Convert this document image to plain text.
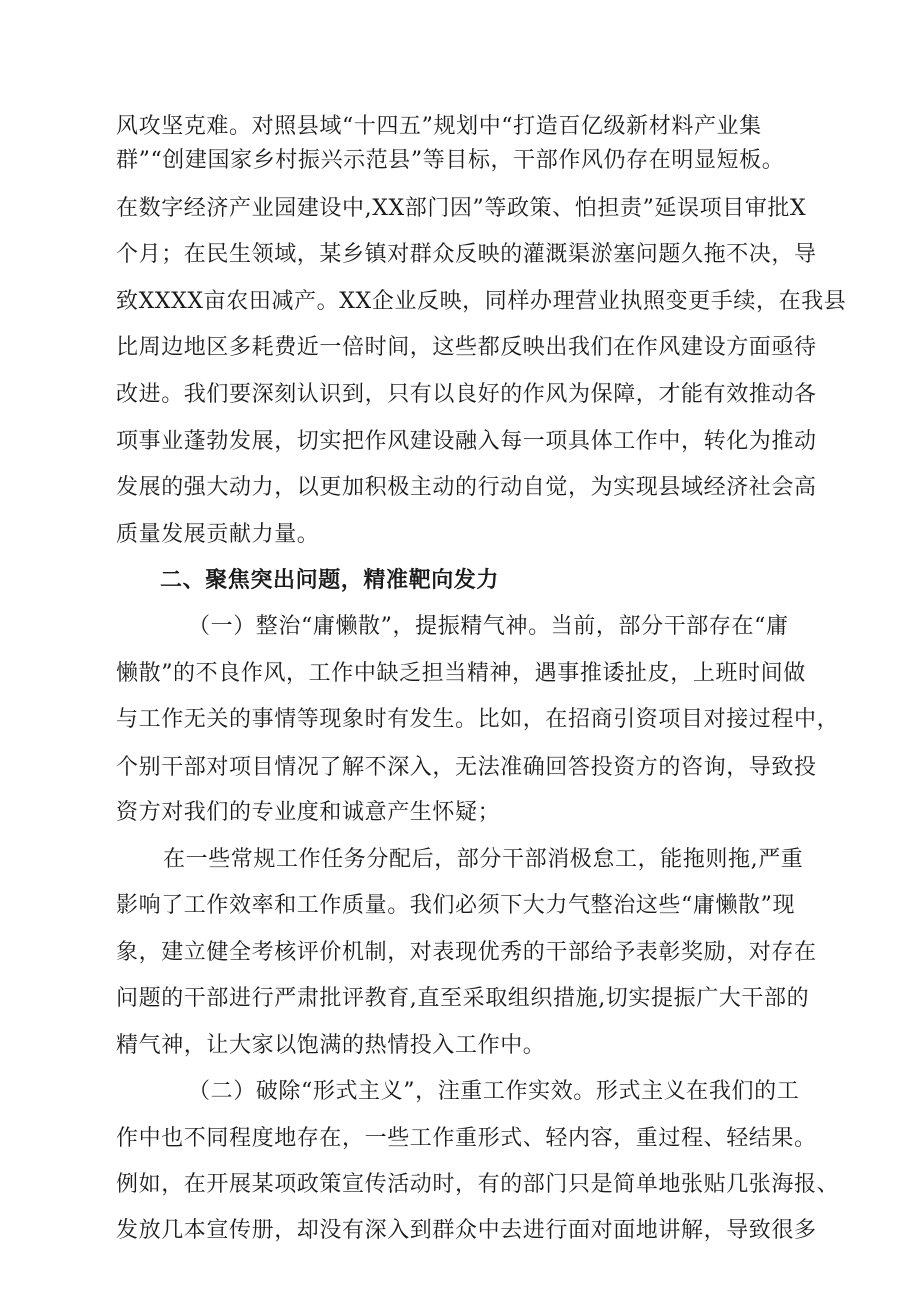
风攻坚克难。对照县域“十四五”规划中“打造百亿级新材料产业集
群”“创建国家乡村振兴示范县”等目标，干部作风仍存在明显短板。
在数字经济产业园建设中,XX部门因”等政策、怕担责”延误项目审批X
个月；在民生领域，某乡镇对群众反映的灌溉渠淤塞问题久拖不决，导
致XXXX亩农田减产。XX企业反映，同样办理营业执照变更手续，在我县
比周边地区多耗费近一倍时间，这些都反映出我们在作风建设方面亟待
改进。我们要深刻认识到，只有以良好的作风为保障，才能有效推动各
项事业蓬勃发展，切实把作风建设融入每一项具体工作中，转化为推动
发展的强大动力，以更加积极主动的行动自觉，为实现县域经济社会高
质量发展贡献力量。
二、聚焦突出问题，精准靶向发力
（一）整治“庸懒散”，提振精气神。当前，部分干部存在“庸
懒散”的不良作风，工作中缺乏担当精神，遇事推诿扯皮，上班时间做
与工作无关的事情等现象时有发生。比如，在招商引资项目对接过程中，
个别干部对项目情况了解不深入，无法准确回答投资方的咨询，导致投
资方对我们的专业度和诚意产生怀疑；
在一些常规工作任务分配后，部分干部消极怠工，能拖则拖,严重
影响了工作效率和工作质量。我们必须下大力气整治这些“庸懒散”现
象，建立健全考核评价机制，对表现优秀的干部给予表彰奖励，对存在
问题的干部进行严肃批评教育,直至采取组织措施,切实提振广大干部的
精气神，让大家以饱满的热情投入工作中。
（二）破除“形式主义”，注重工作实效。形式主义在我们的工
作中也不同程度地存在，一些工作重形式、轻内容，重过程、轻结果。
例如，在开展某项政策宣传活动时，有的部门只是简单地张贴几张海报、
发放几本宣传册，却没有深入到群众中去进行面对面地讲解，导致很多
